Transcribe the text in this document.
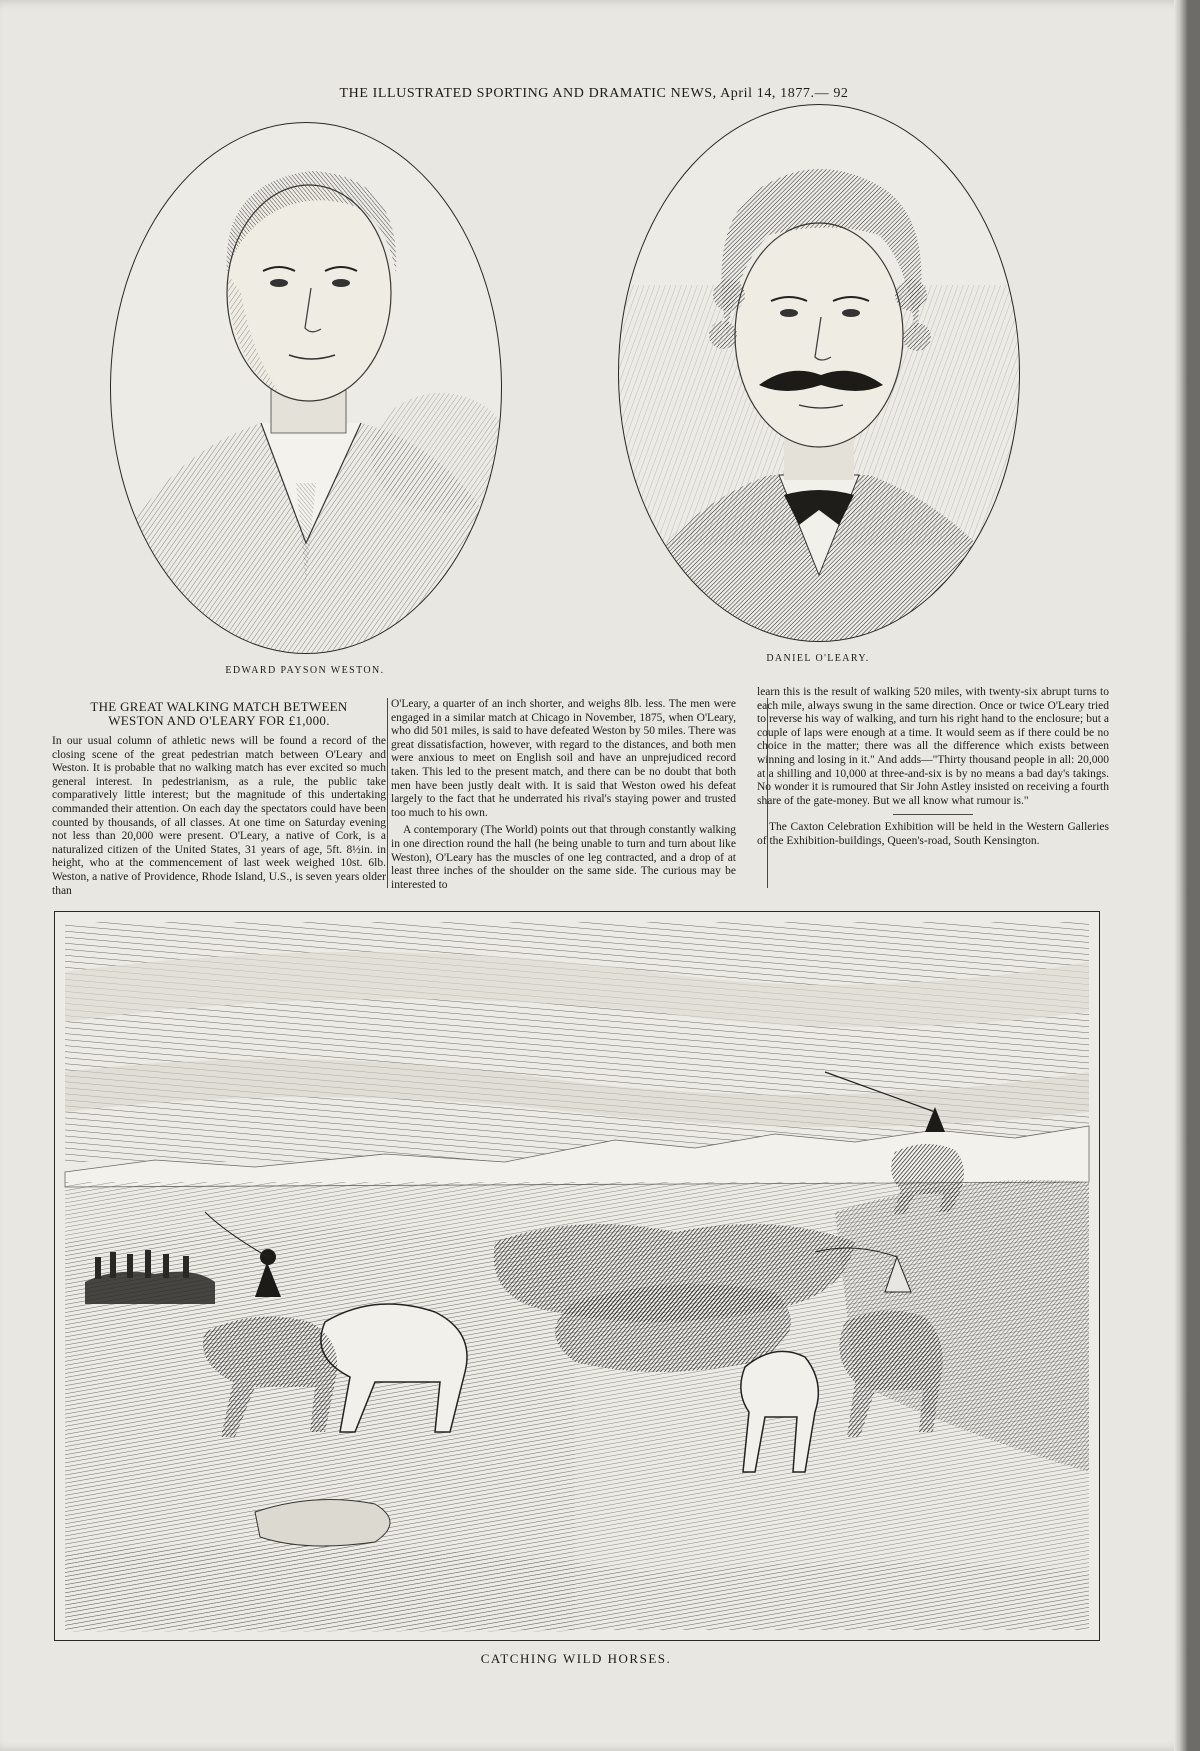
THE ILLUSTRATED SPORTING AND DRAMATIC NEWS, April 14, 1877.— 92
EDWARD PAYSON WESTON.
DANIEL O'LEARY.
THE GREAT WALKING MATCH BETWEEN
WESTON AND O'LEARY FOR £1,000.

In our usual column of athletic news will be found a record of the closing scene of the great pedestrian match between O'Leary and Weston. It is probable that no walking match has ever excited so much general interest. In pedestrianism, as a rule, the public take comparatively little interest; but the magnitude of this undertaking commanded their attention. On each day the spectators could have been counted by thousands, of all classes. At one time on Saturday evening not less than 20,000 were present. O'Leary, a native of Cork, is a naturalized citizen of the United States, 31 years of age, 5ft. 8½in. in height, who at the commencement of last week weighed 10st. 6lb. Weston, a native of Providence, Rhode Island, U.S., is seven years older than

O'Leary, a quarter of an inch shorter, and weighs 8lb. less. The men were engaged in a similar match at Chicago in November, 1875, when O'Leary, who did 501 miles, is said to have defeated Weston by 50 miles. There was great dissatisfaction, however, with regard to the distances, and both men were anxious to meet on English soil and have an unprejudiced record taken. This led to the present match, and there can be no doubt that both men have been justly dealt with. It is said that Weston owed his defeat largely to the fact that he underrated his rival's staying power and trusted too much to his own.

A contemporary (The World) points out that through constantly walking in one direction round the hall (he being unable to turn and turn about like Weston), O'Leary has the muscles of one leg contracted, and a drop of at least three inches of the shoulder on the same side. The curious may be interested to

learn this is the result of walking 520 miles, with twenty-six abrupt turns to each mile, always swung in the same direction. Once or twice O'Leary tried to reverse his way of walking, and turn his right hand to the enclosure; but a couple of laps were enough at a time. It would seem as if there could be no choice in the matter; there was all the difference which exists between winning and losing in it." And adds—"Thirty thousand people in all: 20,000 at a shilling and 10,000 at three-and-six is by no means a bad day's takings. No wonder it is rumoured that Sir John Astley insisted on receiving a fourth share of the gate-money. But we all know what rumour is."

The Caxton Celebration Exhibition will be held in the Western Galleries of the Exhibition-buildings, Queen's-road, South Kensington.

CATCHING WILD HORSES.
